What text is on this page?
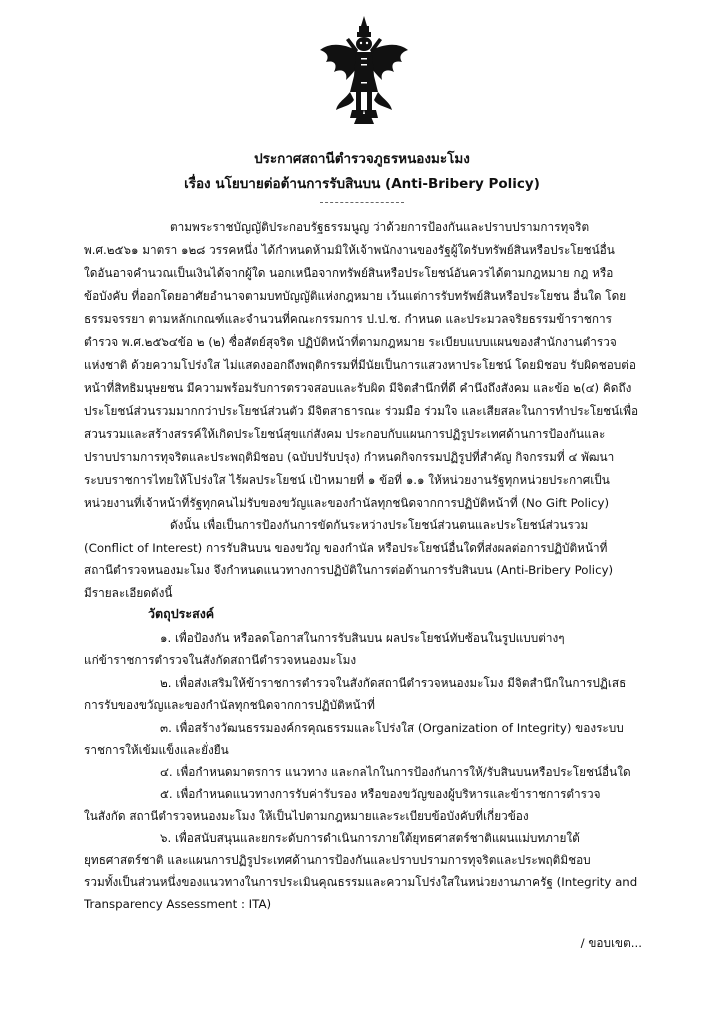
ประกาศสถานีตำรวจภูธรหนองมะโมง
เรื่อง นโยบายต่อต้านการรับสินบน (Anti-Bribery Policy)
ตามพระราชบัญญัติประกอบรัฐธรรมนูญ ว่าด้วยการป้องกันและปราบปรามการทุจริต
พ.ศ.๒๕๖๑ มาตรา ๑๒๘ วรรคหนึ่ง ได้กำหนดห้ามมิให้เจ้าพนักงานของรัฐผู้ใดรับทรัพย์สินหรือประโยชน์อื่น
ใดอันอาจคำนวณเป็นเงินได้จากผู้ใด นอกเหนือจากทรัพย์สินหรือประโยชน์อันควรได้ตามกฎหมาย กฎ หรือ
ข้อบังคับ ที่ออกโดยอาศัยอำนาจตามบทบัญญัติแห่งกฎหมาย เว้นแต่การรับทรัพย์สินหรือประโยชน อื่นใด โดย
ธรรมจรรยา ตามหลักเกณฑ์และจำนวนที่คณะกรรมการ ป.ป.ช. กำหนด และประมวลจริยธรรมข้าราชการ
ตำรวจ พ.ศ.๒๕๖๔ข้อ ๒ (๒) ซื่อสัตย์สุจริต ปฏิบัติหน้าที่ตามกฎหมาย ระเบียบแบบแผนของสำนักงานตำรวจ
แห่งชาติ ด้วยความโปร่งใส ไม่แสดงออกถึงพฤติกรรมที่มีนัยเป็นการแสวงหาประโยชน์ โดยมิชอบ รับผิดชอบต่อ
หน้าที่สิทธิมนุษยชน มีความพร้อมรับการตรวจสอบและรับผิด มีจิตสำนึกที่ดี คำนึงถึงสังคม และข้อ ๒(๔) คิดถึง
ประโยชน์ส่วนรวมมากกว่าประโยชน์ส่วนตัว มีจิตสาธารณะ ร่วมมือ ร่วมใจ และเสียสละในการทำประโยชน์เพื่อ
สวนรวมและสร้างสรรค์ให้เกิดประโยชน์สุขแก่สังคม ประกอบกับแผนการปฏิรูประเทศด้านการป้องกันและ
ปราบปรามการทุจริตและประพฤติมิชอบ (ฉบับปรับปรุง) กำหนดกิจกรรมปฏิรูปที่สำคัญ กิจกรรมที่ ๔ พัฒนา
ระบบราชการไทยให้โปร่งใส ไร้ผลประโยชน์ เป้าหมายที่ ๑ ข้อที่ ๑.๑ ให้หน่วยงานรัฐทุกหน่วยประกาศเป็น
หน่วยงานที่เจ้าหน้าที่รัฐทุกคนไม่รับของขวัญและของกำนัลทุกชนิดจากการปฏิบัติหน้าที่ (No Gift Policy)
ดังนั้น เพื่อเป็นการป้องกันการขัดกันระหว่างประโยชน์ส่วนตนและประโยชน์ส่วนรวม
(Conflict of Interest) การรับสินบน ของขวัญ ของกำนัล หรือประโยชน์อื่นใดที่ส่งผลต่อการปฏิบัติหน้าที่
สถานีตำรวจหนองมะโมง จึงกำหนดแนวทางการปฏิบัติในการต่อต้านการรับสินบน (Anti-Bribery Policy)
มีรายละเอียดดังนี้
วัตถุประสงค์
๑. เพื่อป้องกัน หรือลดโอกาสในการรับสินบน ผลประโยชน์ทับซ้อนในรูปแบบต่างๆ
แก่ข้าราชการตำรวจในสังกัดสถานีตำรวจหนองมะโมง
๒. เพื่อส่งเสริมให้ข้าราชการตำรวจในสังกัดสถานีตำรวจหนองมะโมง มีจิตสำนึกในการปฏิเสธ
การรับของขวัญและของกำนัลทุกชนิดจากการปฏิบัติหน้าที่
๓. เพื่อสร้างวัฒนธรรมองค์กรคุณธรรมและโปร่งใส (Organization of Integrity) ของระบบ
ราชการให้เข้มแข็งและยั่งยืน
๔. เพื่อกำหนดมาตรการ แนวทาง และกลไกในการป้องกันการให้/รับสินบนหรือประโยชน์อื่นใด
๕. เพื่อกำหนดแนวทางการรับค่ารับรอง หรือของขวัญของผู้บริหารและข้าราชการตำรวจ
ในสังกัด สถานีตำรวจหนองมะโมง ให้เป็นไปตามกฎหมายและระเบียบข้อบังคับที่เกี่ยวข้อง
๖. เพื่อสนับสนุนและยกระดับการดำเนินการภายใต้ยุทธศาสตร์ชาติแผนแม่บทภายใต้
ยุทธศาสตร์ชาติ และแผนการปฏิรูประเทศด้านการป้องกันและปราบปรามการทุจริตและประพฤติมิชอบ
รวมทั้งเป็นส่วนหนึ่งของแนวทางในการประเมินคุณธรรมและความโปร่งใสในหน่วยงานภาครัฐ (Integrity and
Transparency Assessment : ITA)
/ ขอบเขต...
